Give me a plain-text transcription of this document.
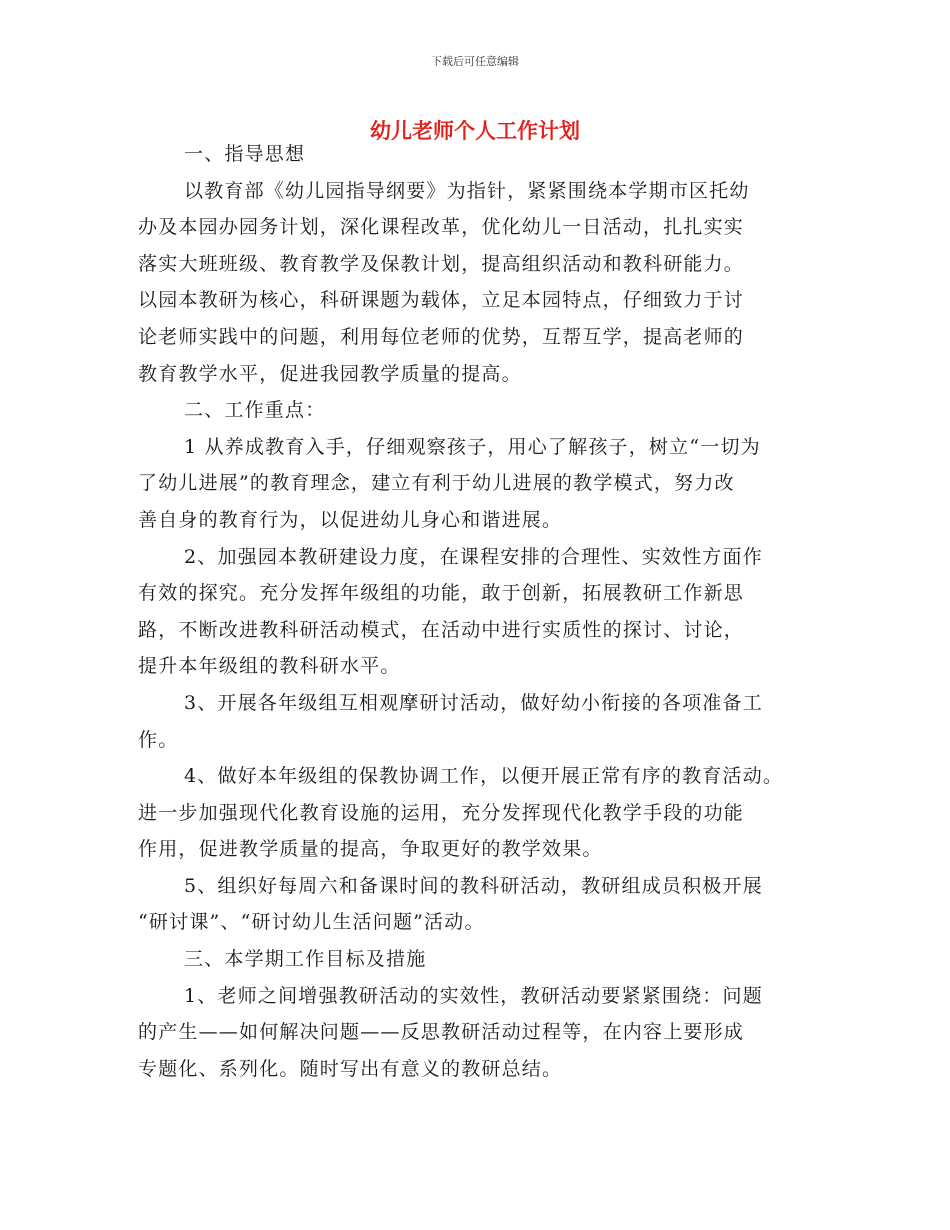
下载后可任意编辑
幼儿老师个人工作计划
一、指导思想
以教育部《幼儿园指导纲要》为指针，紧紧围绕本学期市区托幼
办及本园办园务计划，深化课程改革，优化幼儿一日活动，扎扎实实
落实大班班级、教育教学及保教计划，提高组织活动和教科研能力。
以园本教研为核心，科研课题为载体，立足本园特点，仔细致力于讨
论老师实践中的问题，利用每位老师的优势，互帮互学，提高老师的
教育教学水平，促进我园教学质量的提高。
二、工作重点：
1 从养成教育入手，仔细观察孩子，用心了解孩子，树立“一切为
了幼儿进展”的教育理念，建立有利于幼儿进展的教学模式，努力改
善自身的教育行为，以促进幼儿身心和谐进展。
2、加强园本教研建设力度，在课程安排的合理性、实效性方面作
有效的探究。充分发挥年级组的功能，敢于创新，拓展教研工作新思
路，不断改进教科研活动模式，在活动中进行实质性的探讨、讨论，
提升本年级组的教科研水平。
3、开展各年级组互相观摩研讨活动，做好幼小衔接的各项准备工
作。
4、做好本年级组的保教协调工作，以便开展正常有序的教育活动。
进一步加强现代化教育设施的运用，充分发挥现代化教学手段的功能
作用，促进教学质量的提高，争取更好的教学效果。
5、组织好每周六和备课时间的教科研活动，教研组成员积极开展
“研讨课”、“研讨幼儿生活问题”活动。
三、本学期工作目标及措施
1、老师之间增强教研活动的实效性，教研活动要紧紧围绕：问题
的产生——如何解决问题——反思教研活动过程等，在内容上要形成
专题化、系列化。随时写出有意义的教研总结。
